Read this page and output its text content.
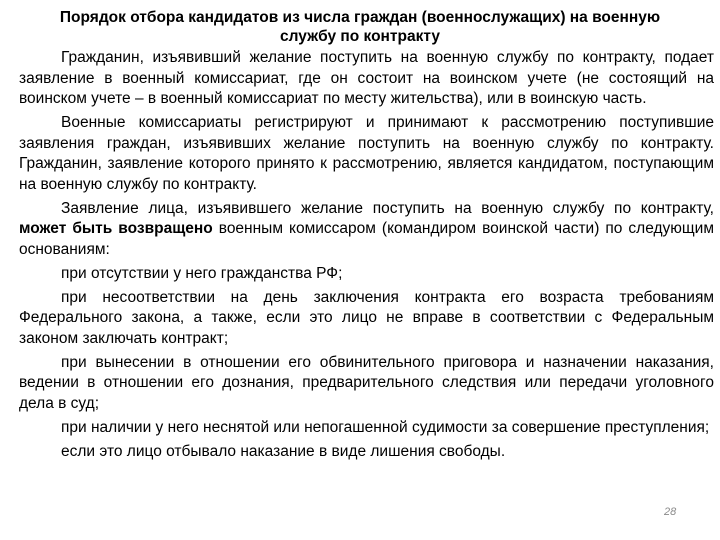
Порядок отбора кандидатов из числа граждан (военнослужащих) на военную службу по контракту

Гражданин, изъявивший желание поступить на военную службу по контракту, подает заявление в военный комиссариат, где он состоит на воинском учете (не состоящий на воинском учете – в военный комиссариат по месту жительства), или в воинскую часть.

Военные комиссариаты регистрируют и принимают к рассмотрению поступившие заявления граждан, изъявивших желание поступить на военную службу по контракту. Гражданин, заявление которого принято к рассмотрению, является кандидатом, поступающим на военную службу по контракту.

Заявление лица, изъявившего желание поступить на военную службу по контракту, может быть возвращено военным комиссаром (командиром воинской части) по следующим основаниям:

при отсутствии у него гражданства РФ;

при несоответствии на день заключения контракта его возраста требованиям Федерального закона, а также, если это лицо не вправе в соответствии с Федеральным законом заключать контракт;

при вынесении в отношении его обвинительного приговора и назначении наказания, ведении в отношении его дознания, предварительного следствия или передачи уголовного дела в суд;

при наличии у него неснятой или непогашенной судимости за совершение преступления;

если это лицо отбывало наказание в виде лишения свободы.

28
